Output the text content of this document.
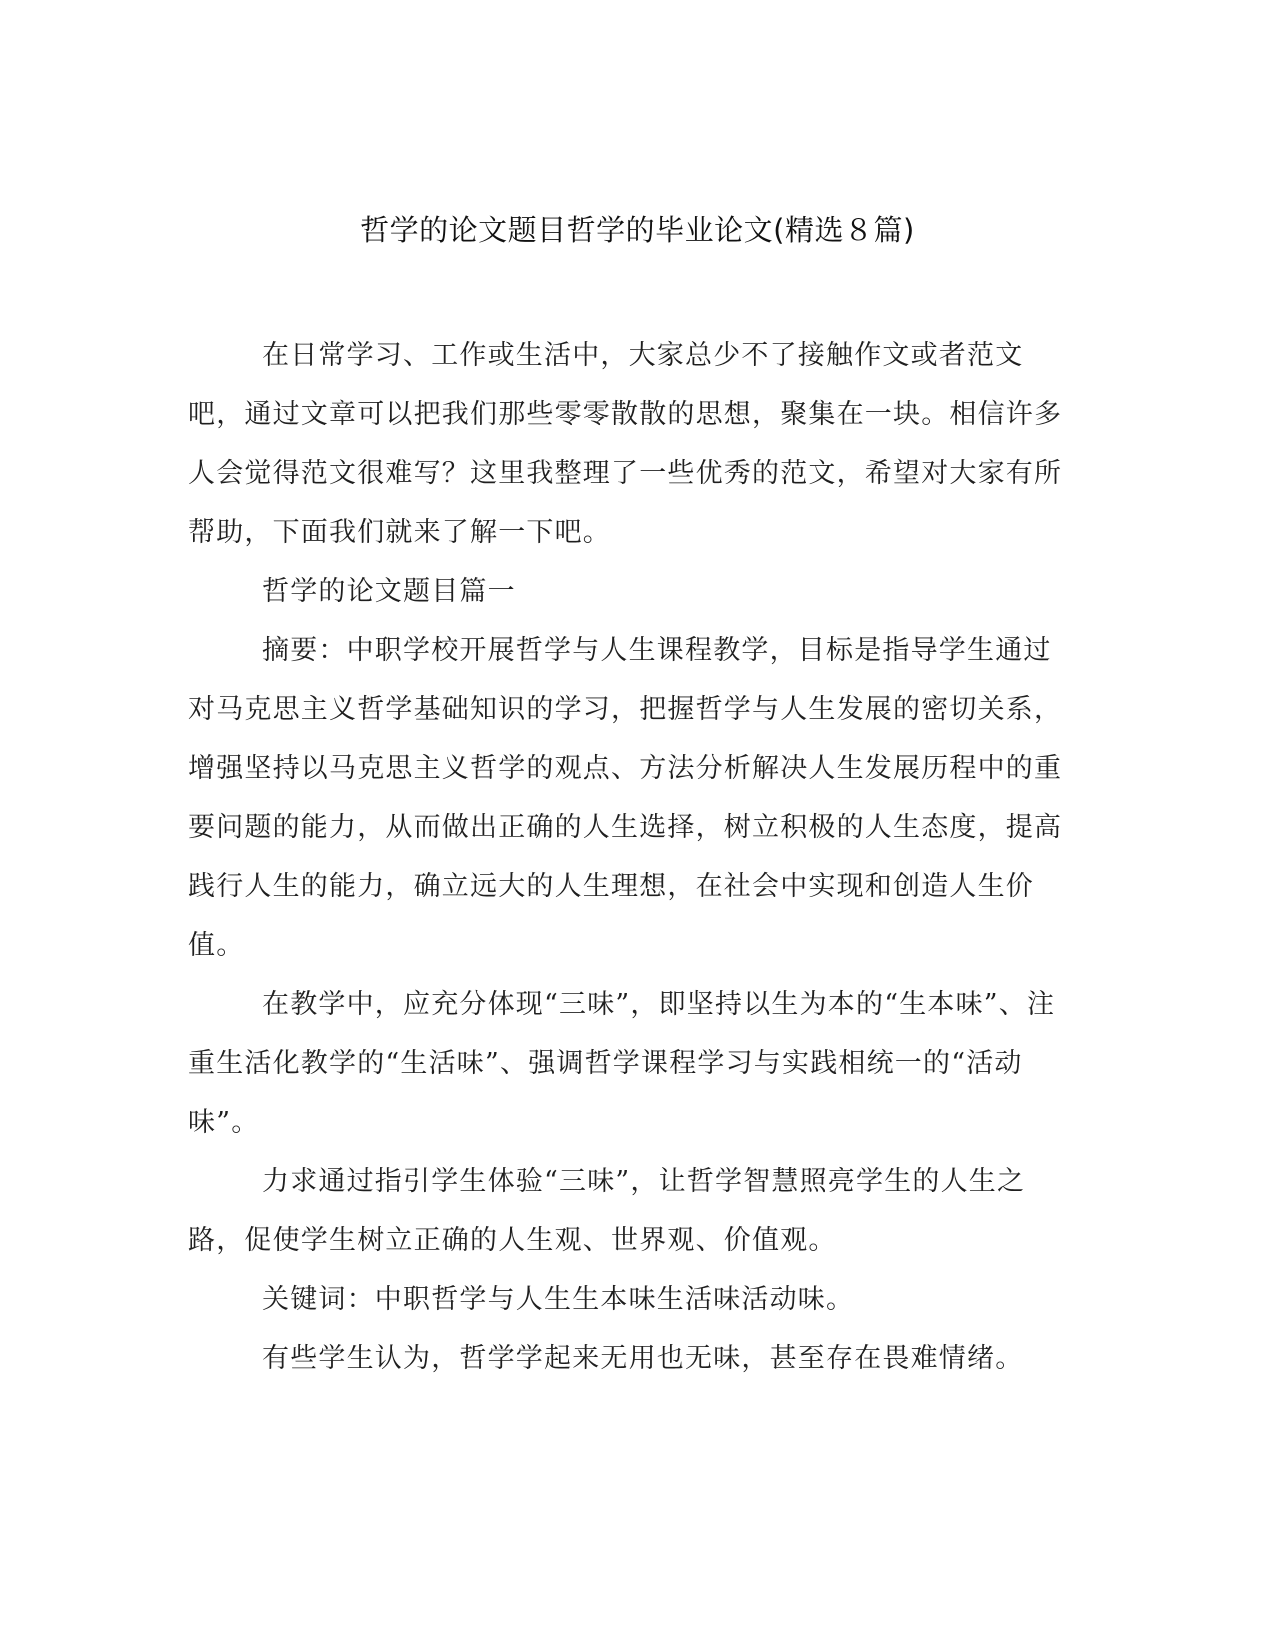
哲学的论文题目哲学的毕业论文(精选８篇)

在日常学习、工作或生活中，大家总少不了接触作文或者范文吧，通过文章可以把我们那些零零散散的思想，聚集在一块。相信许多人会觉得范文很难写？这里我整理了一些优秀的范文，希望对大家有所帮助，下面我们就来了解一下吧。

哲学的论文题目篇一

摘要：中职学校开展哲学与人生课程教学，目标是指导学生通过对马克思主义哲学基础知识的学习，把握哲学与人生发展的密切关系，增强坚持以马克思主义哲学的观点、方法分析解决人生发展历程中的重要问题的能力，从而做出正确的人生选择，树立积极的人生态度，提高践行人生的能力，确立远大的人生理想，在社会中实现和创造人生价值。

在教学中，应充分体现“三味”，即坚持以生为本的“生本味”、注重生活化教学的“生活味”、强调哲学课程学习与实践相统一的“活动味”。

力求通过指引学生体验“三味”，让哲学智慧照亮学生的人生之路，促使学生树立正确的人生观、世界观、价值观。

关键词：中职哲学与人生生本味生活味活动味。

有些学生认为，哲学学起来无用也无味，甚至存在畏难情绪。
